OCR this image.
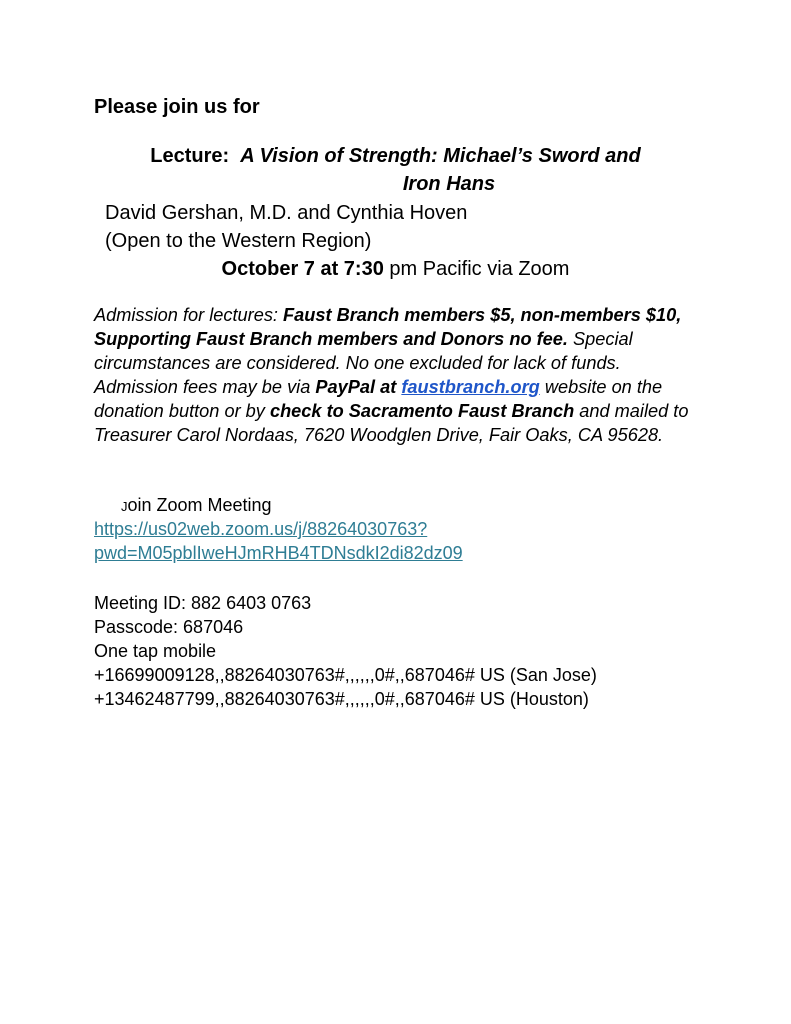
Please join us for
Lecture: A Vision of Strength: Michael’s Sword and
Iron Hans
David Gershan, M.D. and Cynthia Hoven
(Open to the Western Region)
October 7 at 7:30 pm Pacific via Zoom
Admission for lectures: Faust Branch members $5, non-members $10, Supporting Faust Branch members and Donors no fee. Special circumstances are considered. No one excluded for lack of funds. Admission fees may be via PayPal at faustbranch.org website on the donation button or by check to Sacramento Faust Branch and mailed to Treasurer Carol Nordaas, 7620 Woodglen Drive, Fair Oaks, CA 95628.
Join Zoom Meeting
https://us02web.zoom.us/j/88264030763?
pwd=M05pblIweHJmRHB4TDNsdkI2di82dz09
Meeting ID: 882 6403 0763
Passcode: 687046
One tap mobile
+16699009128,,88264030763#,,,,,,0#,,687046# US (San Jose)
+13462487799,,88264030763#,,,,,,0#,,687046# US (Houston)
